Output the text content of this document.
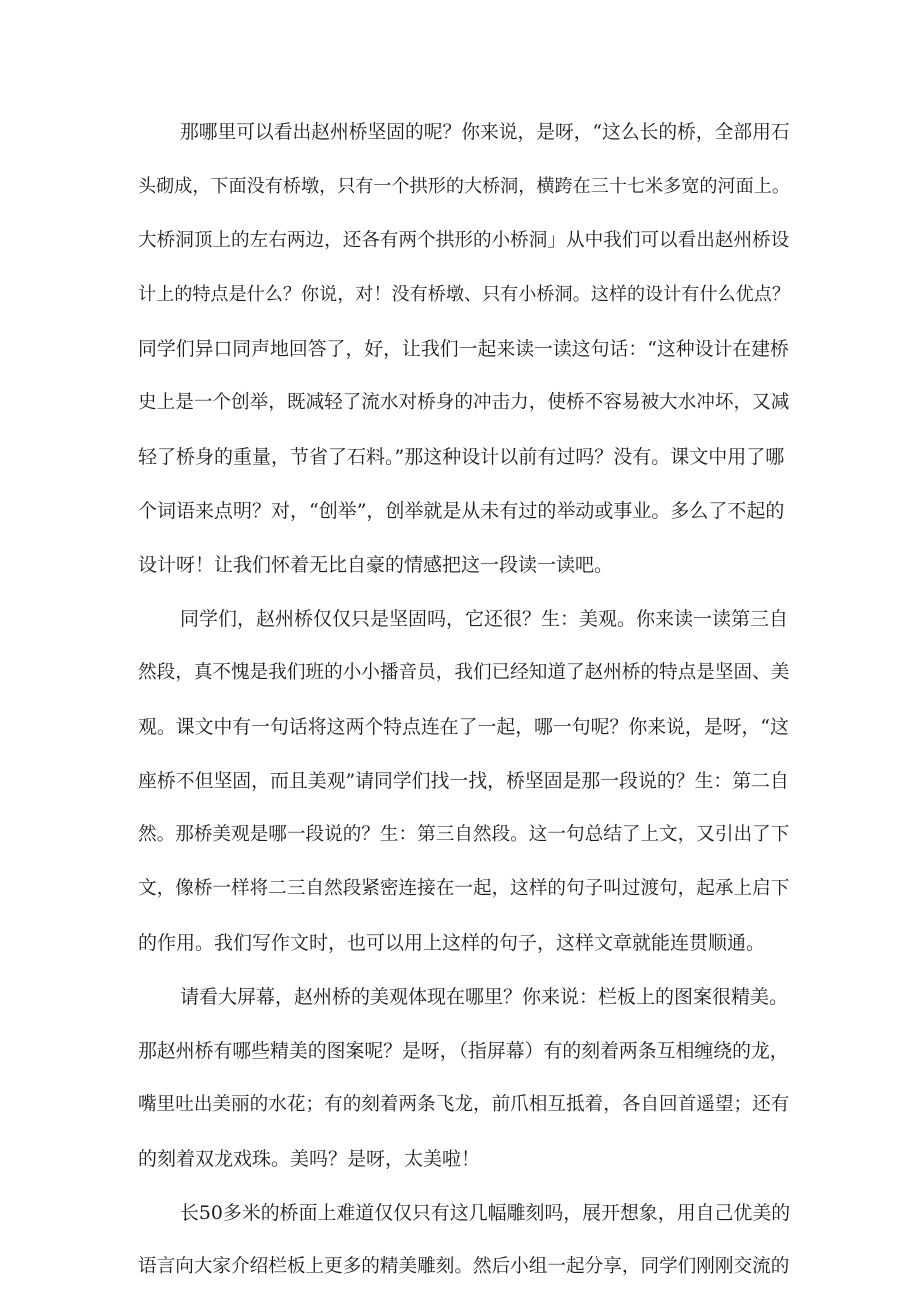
那哪里可以看出赵州桥坚固的呢？你来说，是呀，“这么长的桥，全部用石
头砌成，下面没有桥墩，只有一个拱形的大桥洞，横跨在三十七米多宽的河面上。
大桥洞顶上的左右两边，还各有两个拱形的小桥洞」从中我们可以看出赵州桥设
计上的特点是什么？你说，对！没有桥墩、只有小桥洞。这样的设计有什么优点？
同学们异口同声地回答了，好，让我们一起来读一读这句话：“这种设计在建桥
史上是一个创举，既减轻了流水对桥身的冲击力，使桥不容易被大水冲坏，又减
轻了桥身的重量，节省了石料。”那这种设计以前有过吗？没有。课文中用了哪
个词语来点明？对，“创举”，创举就是从未有过的举动或事业。多么了不起的
设计呀！让我们怀着无比自豪的情感把这一段读一读吧。
同学们，赵州桥仅仅只是坚固吗，它还很？生：美观。你来读一读第三自
然段，真不愧是我们班的小小播音员，我们已经知道了赵州桥的特点是坚固、美
观。课文中有一句话将这两个特点连在了一起，哪一句呢？你来说，是呀，“这
座桥不但坚固，而且美观”请同学们找一找，桥坚固是那一段说的？生：第二自
然。那桥美观是哪一段说的？生：第三自然段。这一句总结了上文，又引出了下
文，像桥一样将二三自然段紧密连接在一起，这样的句子叫过渡句，起承上启下
的作用。我们写作文时，也可以用上这样的句子，这样文章就能连贯顺通。
请看大屏幕，赵州桥的美观体现在哪里？你来说：栏板上的图案很精美。
那赵州桥有哪些精美的图案呢？是呀，（指屏幕）有的刻着两条互相缠绕的龙，
嘴里吐出美丽的水花；有的刻着两条飞龙，前爪相互抵着，各自回首遥望；还有
的刻着双龙戏珠。美吗？是呀，太美啦！
长50多米的桥面上难道仅仅只有这几幅雕刻吗，展开想象，用自己优美的
语言向大家介绍栏板上更多的精美雕刻。然后小组一起分享，同学们刚刚交流的
